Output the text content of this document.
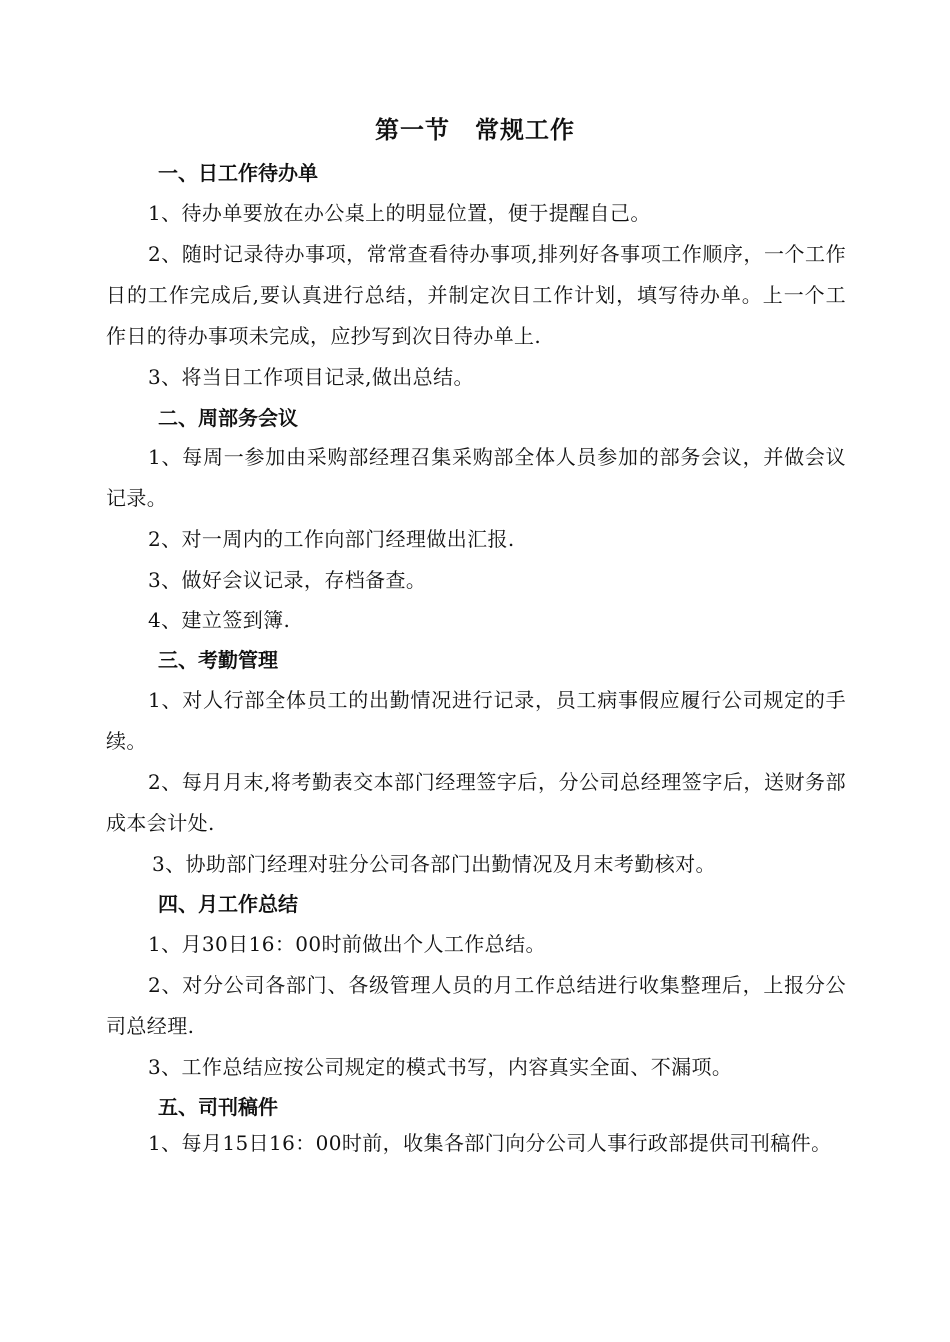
第一节　常规工作
一、日工作待办单
1、待办单要放在办公桌上的明显位置，便于提醒自己。
2、随时记录待办事项，常常查看待办事项,排列好各事项工作顺序，一个工作日的工作完成后,要认真进行总结，并制定次日工作计划，填写待办单。上一个工作日的待办事项未完成，应抄写到次日待办单上.
3、将当日工作项目记录,做出总结。
二、周部务会议
1、每周一参加由采购部经理召集采购部全体人员参加的部务会议，并做会议记录。
2、对一周内的工作向部门经理做出汇报.
3、做好会议记录，存档备查。
4、建立签到簿.
三、考勤管理
1、对人行部全体员工的出勤情况进行记录，员工病事假应履行公司规定的手续。
2、每月月末,将考勤表交本部门经理签字后，分公司总经理签字后，送财务部成本会计处.
3、协助部门经理对驻分公司各部门出勤情况及月末考勤核对。
四、月工作总结
1、月30日16：00时前做出个人工作总结。
2、对分公司各部门、各级管理人员的月工作总结进行收集整理后，上报分公司总经理.
3、工作总结应按公司规定的模式书写，内容真实全面、不漏项。
五、司刊稿件
1、每月15日16：00时前，收集各部门向分公司人事行政部提供司刊稿件。
